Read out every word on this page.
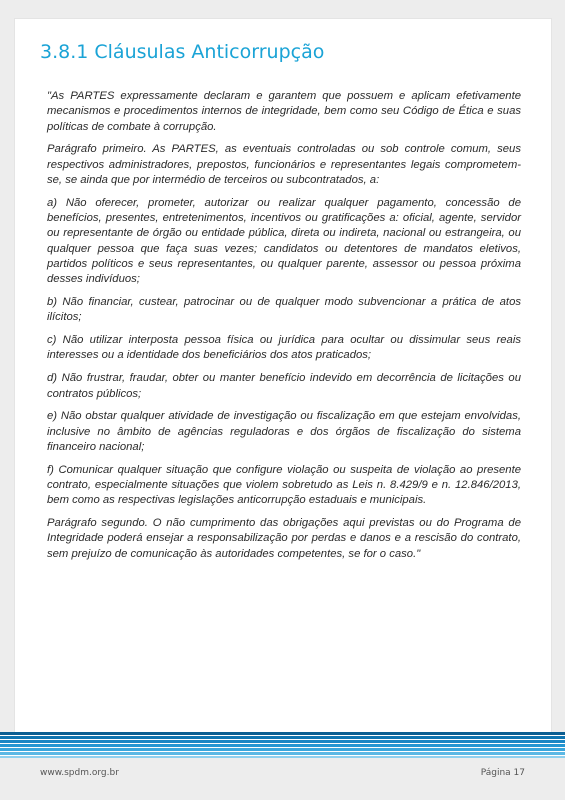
3.8.1 Cláusulas Anticorrupção

"As PARTES expressamente declaram e garantem que possuem e aplicam efetivamente mecanismos e procedimentos internos de integridade, bem como seu Código de Ética e suas políticas de combate à corrupção.

Parágrafo primeiro. As PARTES, as eventuais controladas ou sob controle comum, seus respectivos administradores, prepostos, funcionários e representantes legais comprometem-se, se ainda que por intermédio de terceiros ou subcontratados, a:

a) Não oferecer, prometer, autorizar ou realizar qualquer pagamento, concessão de benefícios, presentes, entretenimentos, incentivos ou gratificações a: oficial, agente, servidor ou representante de órgão ou entidade pública, direta ou indireta, nacional ou estrangeira, ou qualquer pessoa que faça suas vezes; candidatos ou detentores de mandatos eletivos, partidos políticos e seus representantes, ou qualquer parente, assessor ou pessoa próxima desses indivíduos;

b) Não financiar, custear, patrocinar ou de qualquer modo subvencionar a prática de atos ilícitos;

c) Não utilizar interposta pessoa física ou jurídica para ocultar ou dissimular seus reais interesses ou a identidade dos beneficiários dos atos praticados;

d) Não frustrar, fraudar, obter ou manter benefício indevido em decorrência de licitações ou contratos públicos;

e) Não obstar qualquer atividade de investigação ou fiscalização em que estejam envolvidas, inclusive no âmbito de agências reguladoras e dos órgãos de fiscalização do sistema financeiro nacional;

f) Comunicar qualquer situação que configure violação ou suspeita de violação ao presente contrato, especialmente situações que violem sobretudo as Leis n. 8.429/9 e n. 12.846/2013, bem como as respectivas legislações anticorrupção estaduais e municipais.

Parágrafo segundo. O não cumprimento das obrigações aqui previstas ou do Programa de Integridade poderá ensejar a responsabilização por perdas e danos e a rescisão do contrato, sem prejuízo de comunicação às autoridades competentes, se for o caso."

www.spdm.org.br	Página 17
